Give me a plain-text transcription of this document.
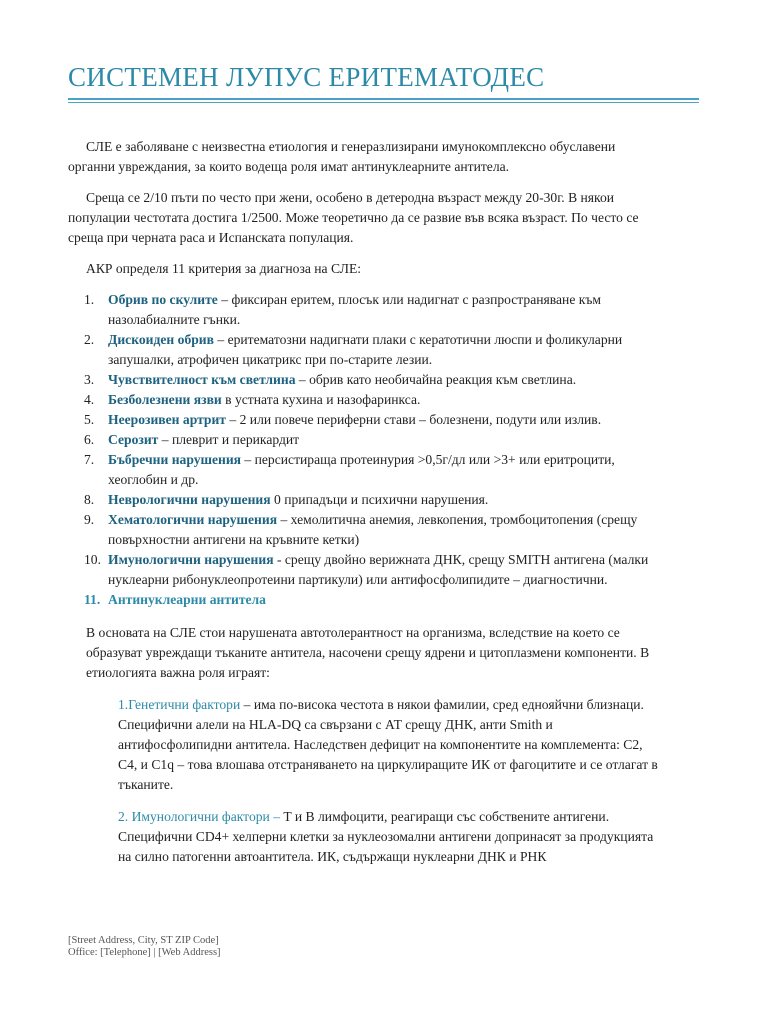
СИСТЕМЕН ЛУПУС ЕРИТЕМАТОДЕС

СЛЕ е заболяване с неизвестна етиология и генеразлизирани имунокомплексно обуславени органни увреждания, за които водеща роля имат антинуклеарните антитела.

Среща се 2/10 пъти по често при жени, особено в детеродна възраст между 20-30г. В някои популации честотата достига 1/2500. Може теоретично да се развие във всяка възраст. По често се среща при черната раса и Испанската популация.

АКР определя 11 критерия за диагноза на СЛЕ:

1. Обрив по скулите – фиксиран еритем, плосък или надигнат с разпространяване към назолабиалните гънки.
2. Дискоиден обрив – еритематозни надигнати плаки с кератотични люспи и фоликуларни запушалки, атрофичен цикатрикс при по-старите лезии.
3. Чувствителност към светлина – обрив като необичайна реакция към светлина.
4. Безболезнени язви в устната кухина и назофаринкса.
5. Неерозивен артрит – 2 или повече периферни стави – болезнени, подути или излив.
6. Серозит – плеврит и перикардит
7. Бъбречни нарушения – персистираща протеинурия >0,5г/дл или >3+ или еритроцити, хеоглобин и др.
8. Неврологични нарушения 0 припадъци и психични нарушения.
9. Хематологични нарушения – хемолитична анемия, левкопения, тромбоцитопения (срещу повърхностни антигени на кръвните кетки)
10. Имунологични нарушения - срещу двойно верижната ДНК, срещу SMITH антигена (малки нуклеарни рибонуклеопротеини партикули) или антифосфолипидите – диагностични.
11. Антинуклеарни антитела

В основата на СЛЕ стои нарушената автотолерантност на организма, вследствие на което се образуват увреждащи тъканите антитела, насочени срещу ядрени и цитоплазмени компоненти. В етиологията важна роля играят:

1.Генетични фактори – има по-висока честота в някои фамилии, сред еднояйчни близнаци. Специфични алели на HLA-DQ са свързани с АТ срещу ДНК, анти Smith и антифосфолипидни антитела. Наследствен дефицит на компонентите на комплемента: С2, С4, и С1q – това влошава отстраняването на циркулиращите ИК от фагоцитите и се отлагат в тъканите.

2. Имунологични фактори – T и В лимфоцити, реагиращи със собствените антигени. Специфични CD4+ хелперни клетки за нуклеозомални антигени допринасят за продукцията на силно патогенни автоантитела. ИК, съдържащи нуклеарни ДНК и РНК

[Street Address, City, ST ZIP Code]
Office: [Telephone] | [Web Address]
